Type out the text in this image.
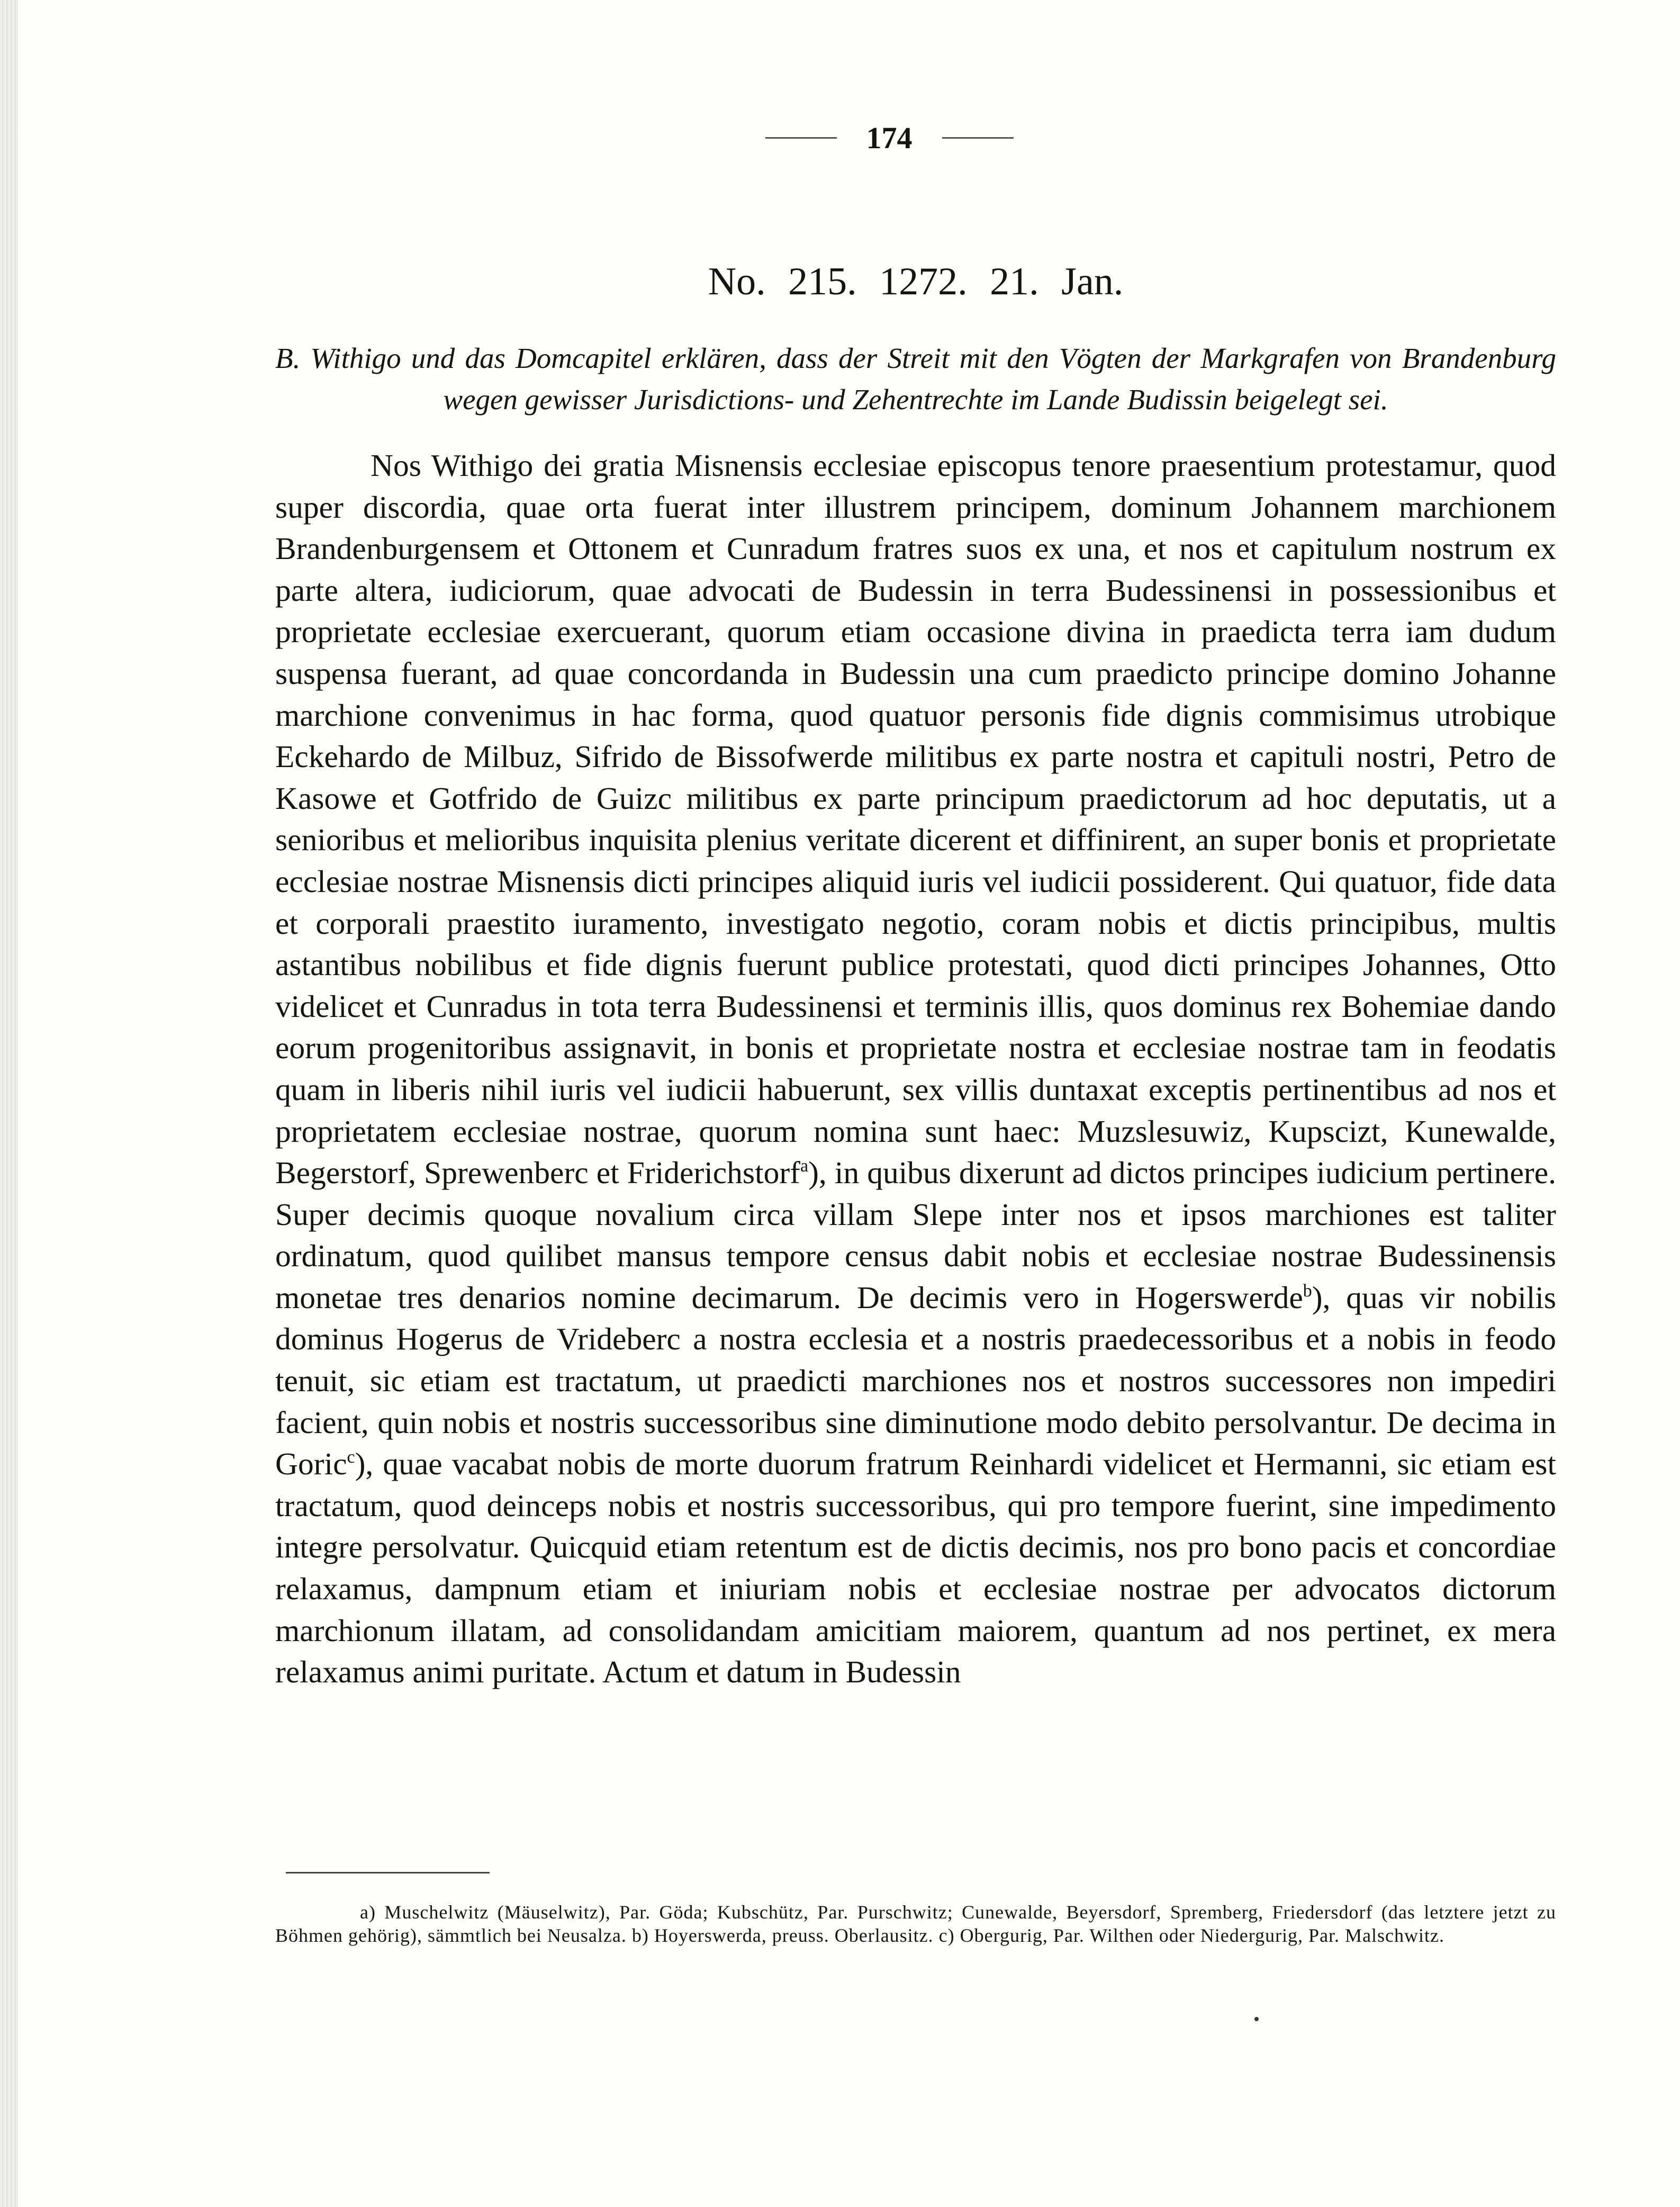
174
No. 215. 1272. 21. Jan.
B. Withigo und das Domcapitel erklären, dass der Streit mit den Vögten der Markgrafen von Brandenburg wegen gewisser Jurisdictions- und Zehentrechte im Lande Budissin beigelegt sei.

Nos Withigo dei gratia Misnensis ecclesiae episcopus tenore praesentium protestamur, quod super discordia, quae orta fuerat inter illustrem principem, dominum Johannem marchionem Brandenburgensem et Ottonem et Cunradum fratres suos ex una, et nos et capitulum nostrum ex parte altera, iudiciorum, quae advocati de Budessin in terra Budessinensi in possessionibus et proprietate ecclesiae exercuerant, quorum etiam occasione divina in praedicta terra iam dudum suspensa fuerant, ad quae concordanda in Budessin una cum praedicto principe domino Johanne marchione convenimus in hac forma, quod quatuor personis fide dignis commisimus utrobique Eckehardo de Milbuz, Sifrido de Bissofwerde militibus ex parte nostra et capituli nostri, Petro de Kasowe et Gotfrido de Guizc militibus ex parte principum praedictorum ad hoc deputatis, ut a senioribus et melioribus inquisita plenius veritate dicerent et diffinirent, an super bonis et proprietate ecclesiae nostrae Misnensis dicti principes aliquid iuris vel iudicii possiderent. Qui quatuor, fide data et corporali praestito iuramento, investigato negotio, coram nobis et dictis principibus, multis astantibus nobilibus et fide dignis fuerunt publice protestati, quod dicti principes Johannes, Otto videlicet et Cunradus in tota terra Budessinensi et terminis illis, quos dominus rex Bohemiae dando eorum progenitoribus assignavit, in bonis et proprietate nostra et ecclesiae nostrae tam in feodatis quam in liberis nihil iuris vel iudicii habuerunt, sex villis duntaxat exceptis pertinentibus ad nos et proprietatem ecclesiae nostrae, quorum nomina sunt haec: Muzslesuwiz, Kupscizt, Kunewalde, Begerstorf, Sprewenberc et Friderichstorf$^a$), in quibus dixerunt ad dictos principes iudicium pertinere. Super decimis quoque novalium circa villam Slepe inter nos et ipsos marchiones est taliter ordinatum, quod quilibet mansus tempore census dabit nobis et ecclesiae nostrae Budessinensis monetae tres denarios nomine decimarum. De decimis vero in Hogerswerde$^b$), quas vir nobilis dominus Hogerus de Vrideberc a nostra ecclesia et a nostris praedecessoribus et a nobis in feodo tenuit, sic etiam est tractatum, ut praedicti marchiones nos et nostros successores non impediri facient, quin nobis et nostris successoribus sine diminutione modo debito persolvantur. De decima in Goric$^c$), quae vacabat nobis de morte duorum fratrum Reinhardi videlicet et Hermanni, sic etiam est tractatum, quod deinceps nobis et nostris successoribus, qui pro tempore fuerint, sine impedimento integre persolvatur. Quicquid etiam retentum est de dictis decimis, nos pro bono pacis et concordiae relaxamus, dampnum etiam et iniuriam nobis et ecclesiae nostrae per advocatos dictorum marchionum illatam, ad consolidandam amicitiam maiorem, quantum ad nos pertinet, ex mera relaxamus animi puritate. Actum et datum in Budessin

a) Muschelwitz (Mäuselwitz), Par. Göda; Kubschütz, Par. Purschwitz; Cunewalde, Beyersdorf, Spremberg, Friedersdorf (das letztere jetzt zu Böhmen gehörig), sämmtlich bei Neusalza. b) Hoyerswerda, preuss. Oberlausitz. c) Obergurig, Par. Wilthen oder Niedergurig, Par. Malschwitz.
